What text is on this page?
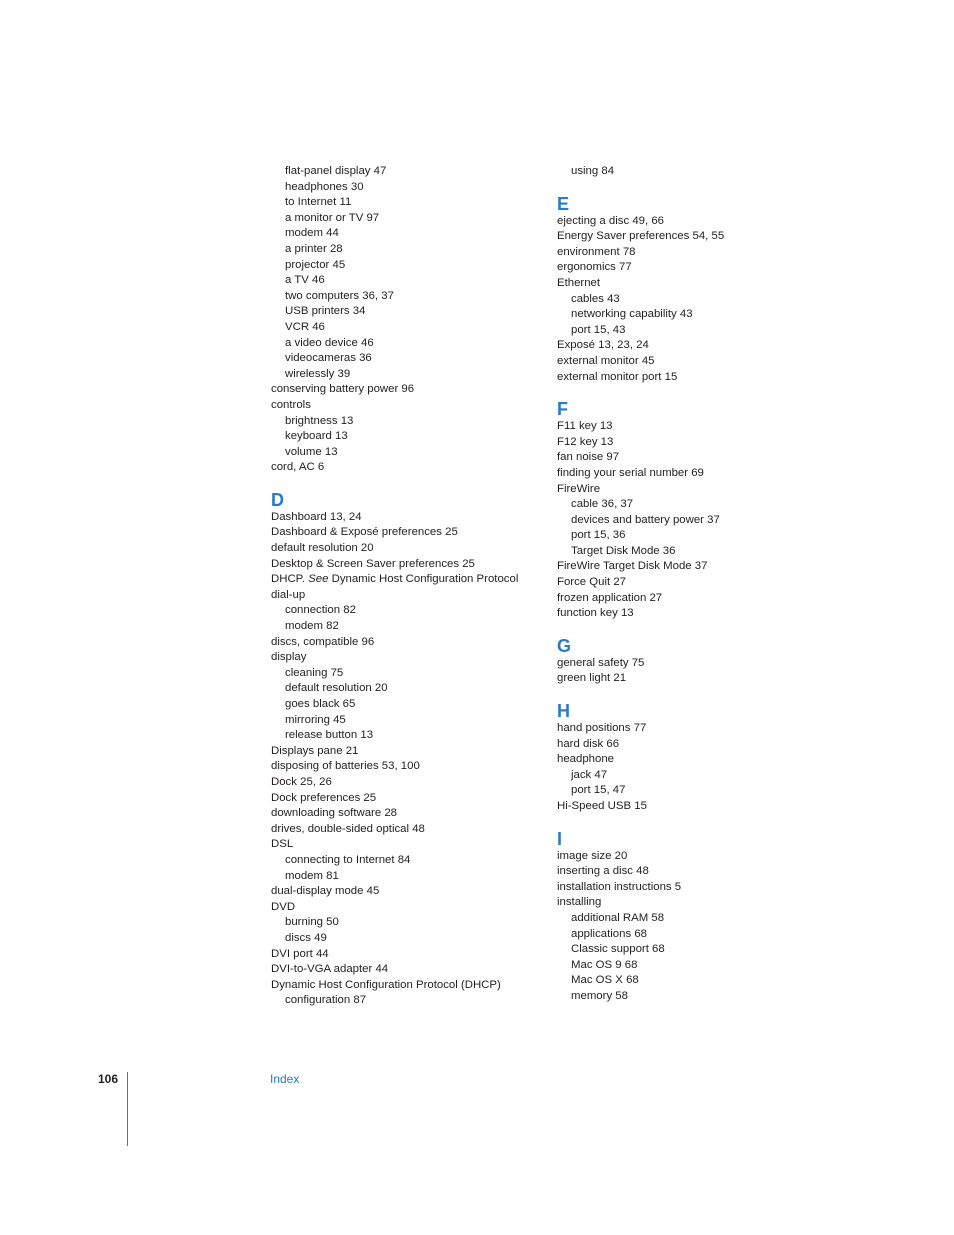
flat-panel display 47
headphones 30
to Internet 11
a monitor or TV 97
modem 44
a printer 28
projector 45
a TV 46
two computers 36, 37
USB printers 34
VCR 46
a video device 46
videocameras 36
wirelessly 39
conserving battery power 96
controls
brightness 13
keyboard 13
volume 13
cord, AC 6
D
Dashboard 13, 24
Dashboard & Exposé preferences 25
default resolution 20
Desktop & Screen Saver preferences 25
DHCP. See Dynamic Host Configuration Protocol
dial-up
connection 82
modem 82
discs, compatible 96
display
cleaning 75
default resolution 20
goes black 65
mirroring 45
release button 13
Displays pane 21
disposing of batteries 53, 100
Dock 25, 26
Dock preferences 25
downloading software 28
drives, double-sided optical 48
DSL
connecting to Internet 84
modem 81
dual-display mode 45
DVD
burning 50
discs 49
DVI port 44
DVI-to-VGA adapter 44
Dynamic Host Configuration Protocol (DHCP)
configuration 87
using 84
E
ejecting a disc 49, 66
Energy Saver preferences 54, 55
environment 78
ergonomics 77
Ethernet
cables 43
networking capability 43
port 15, 43
Exposé 13, 23, 24
external monitor 45
external monitor port 15
F
F11 key 13
F12 key 13
fan noise 97
finding your serial number 69
FireWire
cable 36, 37
devices and battery power 37
port 15, 36
Target Disk Mode 36
FireWire Target Disk Mode 37
Force Quit 27
frozen application 27
function key 13
G
general safety 75
green light 21
H
hand positions 77
hard disk 66
headphone
jack 47
port 15, 47
Hi-Speed USB 15
I
image size 20
inserting a disc 48
installation instructions 5
installing
additional RAM 58
applications 68
Classic support 68
Mac OS 9 68
Mac OS X 68
memory 58
106	Index
